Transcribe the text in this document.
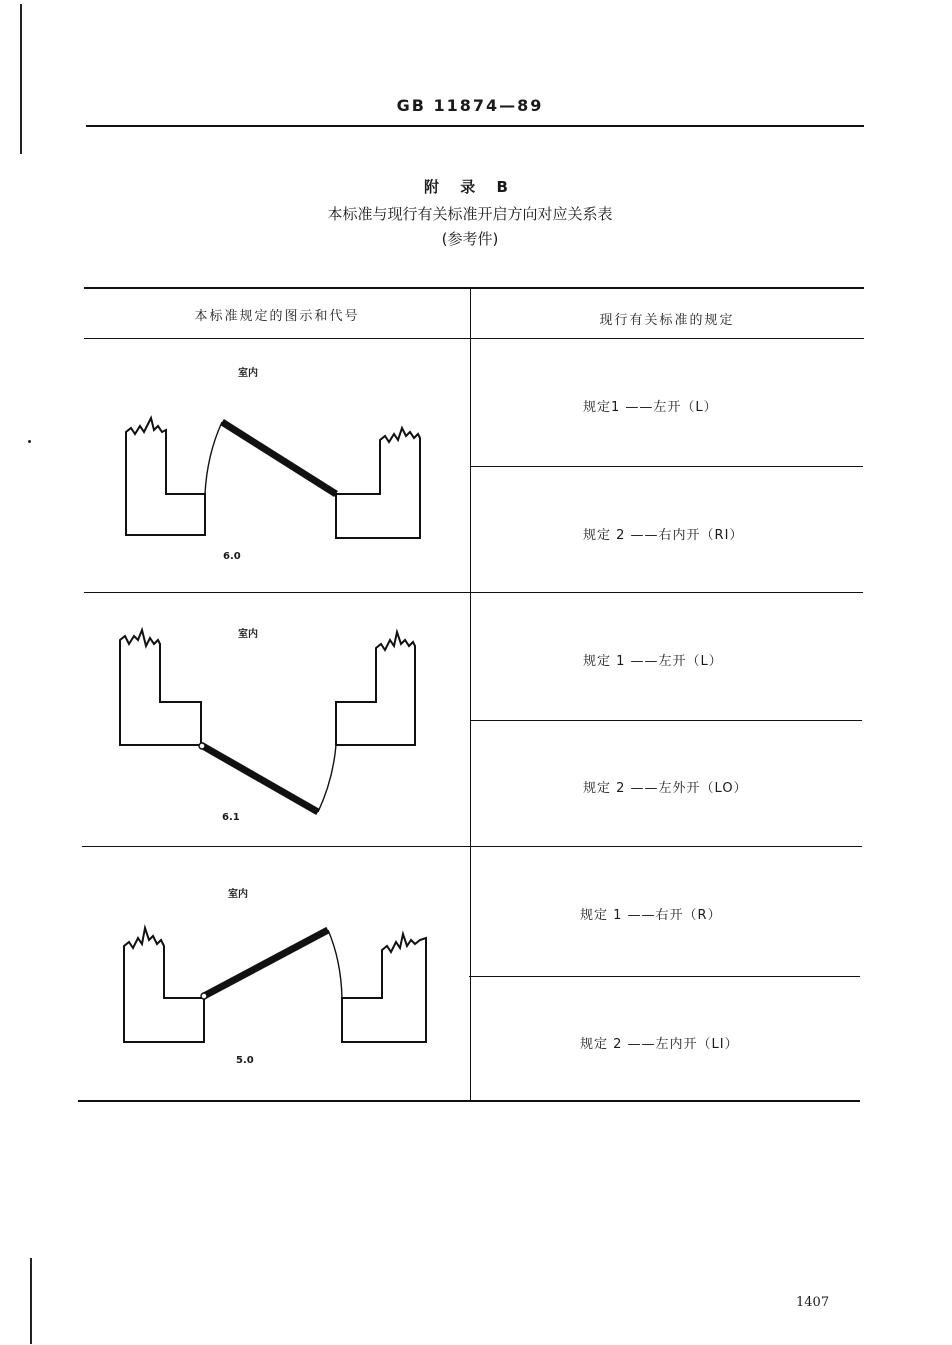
GB 11874—89
附 录 B
本标准与现行有关标准开启方向对应关系表
(参考件)
本标准规定的图示和代号	现行有关标准的规定
室内
6.0
规定1 ——左开（L）
规定 2 ——右内开（RI）
室内
6.1
规定 1 ——左开（L）
规定 2 ——左外开（LO）
室内
5.0
规定 1 ——右开（R）
规定 2 ——左内开（LI）
1407
